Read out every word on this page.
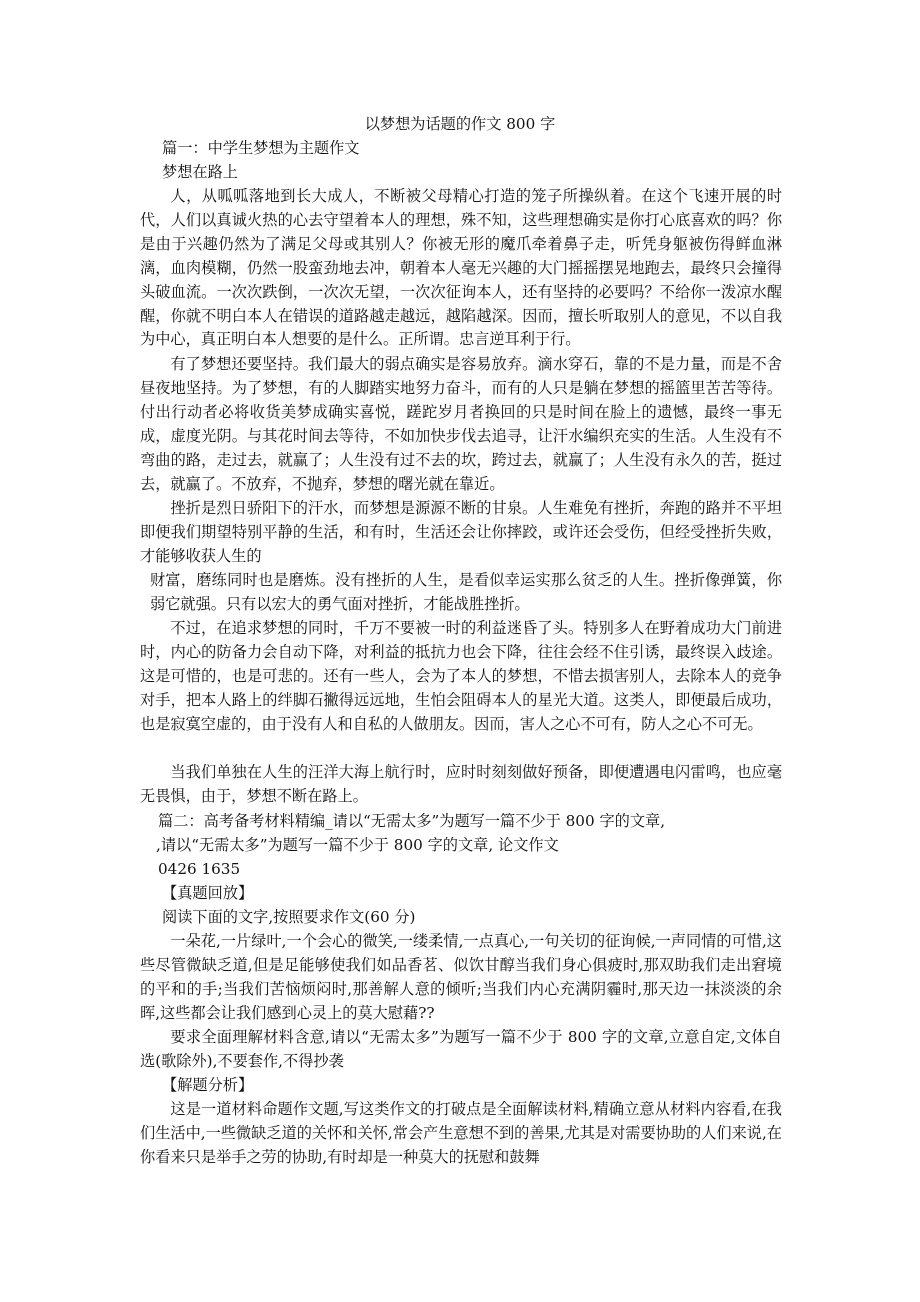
以梦想为话题的作文 800 字
篇一：中学生梦想为主题作文
梦想在路上

人，从呱呱落地到长大成人，不断被父母精心打造的笼子所操纵着。在这个飞速开展的时代，人们以真诚火热的心去守望着本人的理想，殊不知，这些理想确实是你打心底喜欢的吗？你是由于兴趣仍然为了满足父母或其别人？你被无形的魔爪牵着鼻子走，听凭身躯被伤得鲜血淋漓，血肉模糊，仍然一股蛮劲地去冲，朝着本人毫无兴趣的大门摇摇摆晃地跑去，最终只会撞得头破血流。一次次跌倒，一次次无望，一次次征询本人，还有坚持的必要吗？不给你一泼凉水醒醒，你就不明白本人在错误的道路越走越远，越陷越深。因而，擅长听取别人的意见，不以自我为中心，真正明白本人想要的是什么。正所谓。忠言逆耳利于行。

有了梦想还要坚持。我们最大的弱点确实是容易放弃。滴水穿石，靠的不是力量，而是不舍昼夜地坚持。为了梦想，有的人脚踏实地努力奋斗，而有的人只是躺在梦想的摇篮里苦苦等待。付出行动者必将收货美梦成确实喜悦，蹉跎岁月者换回的只是时间在脸上的遗憾，最终一事无成，虚度光阴。与其花时间去等待，不如加快步伐去追寻，让汗水编织充实的生活。人生没有不弯曲的路，走过去，就赢了；人生没有过不去的坎，跨过去，就赢了；人生没有永久的苦，挺过去，就赢了。不放弃，不抛弃，梦想的曙光就在靠近。

挫折是烈日骄阳下的汗水，而梦想是源源不断的甘泉。人生难免有挫折，奔跑的路并不平坦即便我们期望特别平静的生活，和有时，生活还会让你摔跤，或许还会受伤，但经受挫折失败，才能够收获人生的

财富，磨练同时也是磨炼。没有挫折的人生，是看似幸运实那么贫乏的人生。挫折像弹簧，你弱它就强。只有以宏大的勇气面对挫折，才能战胜挫折。

不过，在追求梦想的同时，千万不要被一时的利益迷昏了头。特别多人在野着成功大门前进时，内心的防备力会自动下降，对利益的抵抗力也会下降，往往会经不住引诱，最终误入歧途。这是可惜的，也是可悲的。还有一些人，会为了本人的梦想，不惜去损害别人，去除本人的竞争对手，把本人路上的绊脚石撇得远远地，生怕会阻碍本人的星光大道。这类人，即便最后成功，也是寂寞空虚的，由于没有人和自私的人做朋友。因而，害人之心不可有，防人之心不可无。

当我们单独在人生的汪洋大海上航行时，应时时刻刻做好预备，即便遭遇电闪雷鸣，也应毫无畏惧，由于，梦想不断在路上。

篇二：高考备考材料精编_请以“无需太多”为题写一篇不少于 800 字的文章,
,请以“无需太多”为题写一篇不少于 800 字的文章, 论文作文
0426 1635
【真题回放】
阅读下面的文字,按照要求作文(60 分)

一朵花,一片绿叶,一个会心的微笑,一缕柔情,一点真心,一句关切的征询候,一声同情的可惜,这些尽管微缺乏道,但是足能够使我们如品香茗、似饮甘醇当我们身心俱疲时,那双助我们走出窘境的平和的手;当我们苦恼烦闷时,那善解人意的倾听;当我们内心充满阴霾时,那天边一抹淡淡的余晖,这些都会让我们感到心灵上的莫大慰藉??

要求全面理解材料含意,请以“无需太多”为题写一篇不少于 800 字的文章,立意自定,文体自选(歌除外),不要套作,不得抄袭

【解题分析】

这是一道材料命题作文题,写这类作文的打破点是全面解读材料,精确立意从材料内容看,在我们生活中,一些微缺乏道的关怀和关怀,常会产生意想不到的善果,尤其是对需要协助的人们来说,在你看来只是举手之劳的协助,有时却是一种莫大的抚慰和鼓舞
